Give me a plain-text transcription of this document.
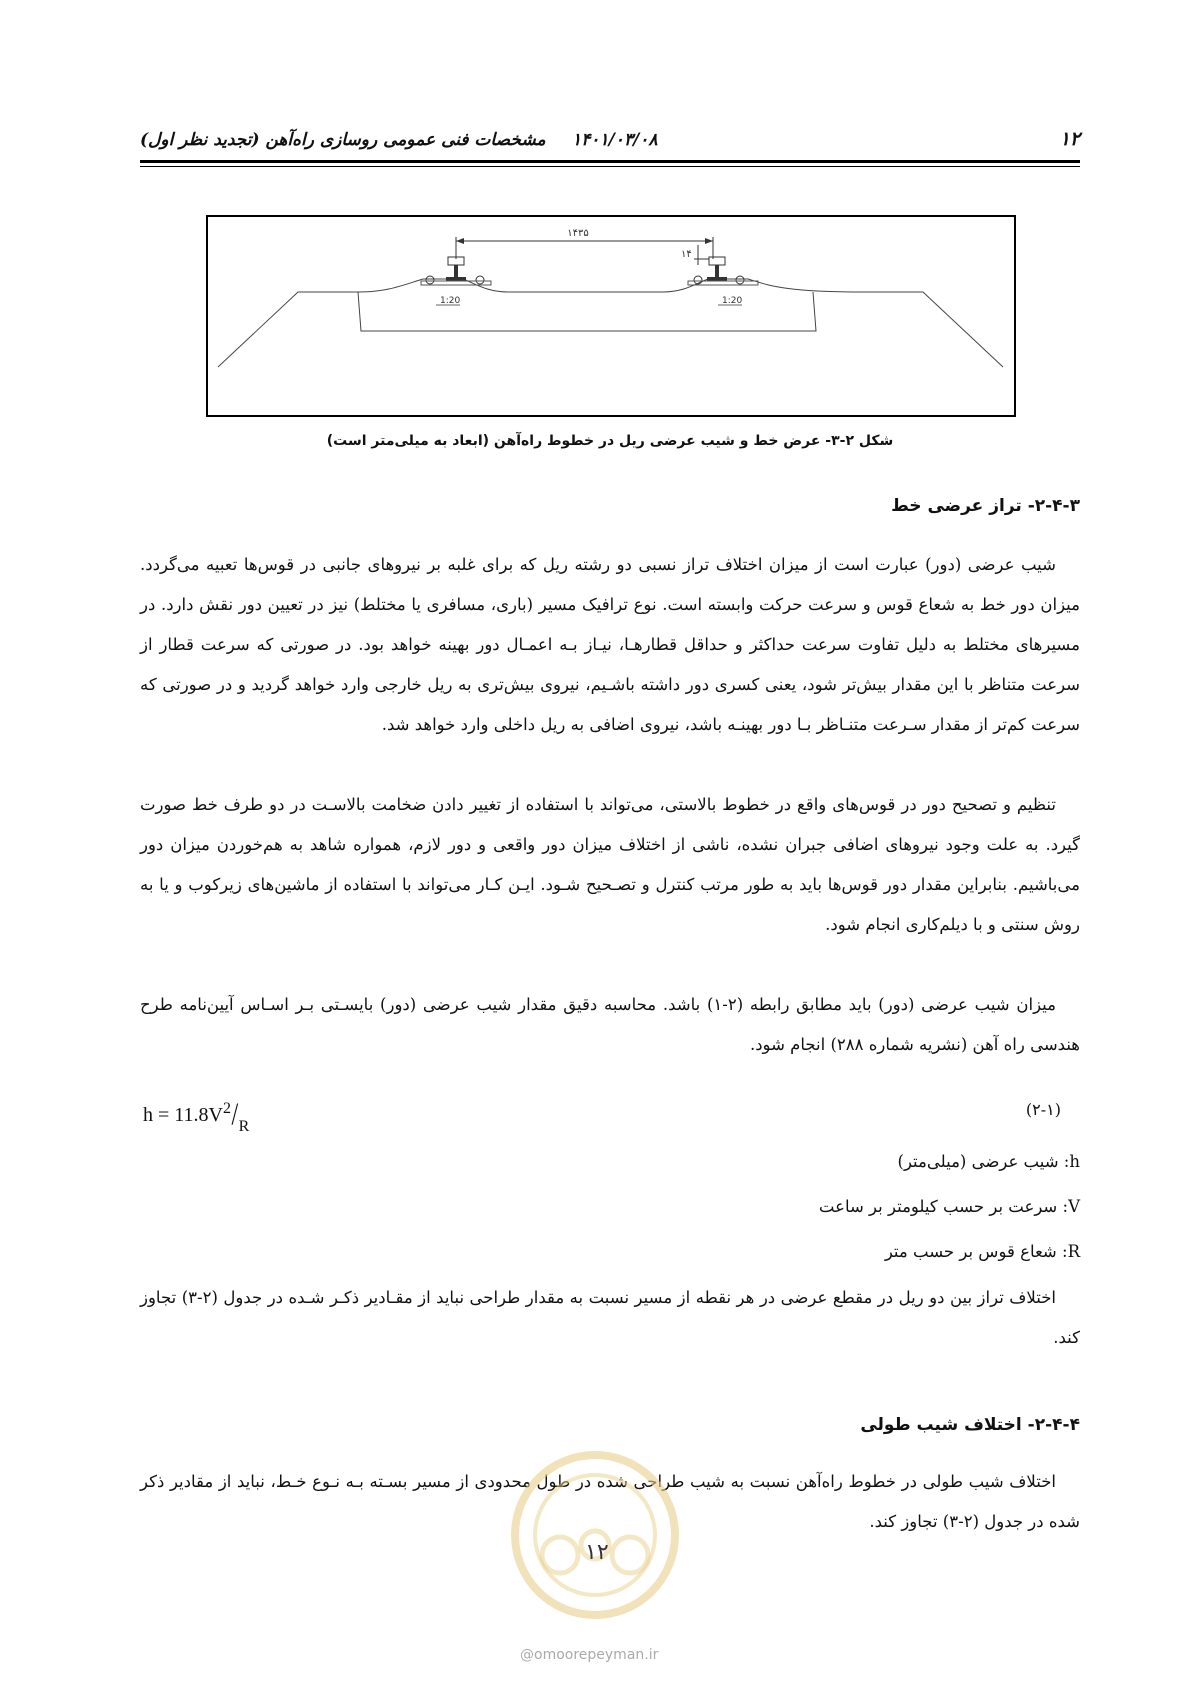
مشخصات فنی عمومی روسازی راه‌آهن (تجدید نظر اول) ۱۴۰۱/۰۳/۰۸	۱۲
۱۴۳۵
۱۴
1:20	1:20
شکل ۲-۳- عرض خط و شیب عرضی ریل در خطوط راه‌آهن (ابعاد به میلی‌متر است)
۲-۴-۳- تراز عرضی خط

شیب عرضی (دور) عبارت است از میزان اختلاف تراز نسبی دو رشته ریل که برای غلبه بر نیروهای جانبی در قوس‌ها تعبیه می‌گردد. میزان دور خط به شعاع قوس و سرعت حرکت وابسته است. نوع ترافیک مسیر (باری، مسافری یا مختلط) نیز در تعیین دور نقش دارد. در مسیرهای مختلط به دلیل تفاوت سرعت حداکثر و حداقل قطارهـا، نیـاز بـه اعمـال دور بهینه خواهد بود. در صورتی که سرعت قطار از سرعت متناظر با این مقدار بیش‌تر شود، یعنی کسری دور داشته باشـیم، نیروی بیش‌تری به ریل خارجی وارد خواهد گردید و در صورتی که سرعت کم‌تر از مقدار سـرعت متنـاظر بـا دور بهینـه باشد، نیروی اضافی به ریل داخلی وارد خواهد شد.

تنظیم و تصحیح دور در قوس‌های واقع در خطوط بالاستی، می‌تواند با استفاده از تغییر دادن ضخامت بالاسـت در دو طرف خط صورت گیرد. به علت وجود نیروهای اضافی جبران نشده، ناشی از اختلاف میزان دور واقعی و دور لازم، همواره شاهد به هم‌خوردن میزان دور می‌باشیم. بنابراین مقدار دور قوس‌ها باید به طور مرتب کنترل و تصـحیح شـود. ایـن کـار می‌تواند با استفاده از ماشین‌های زیرکوب و یا به روش سنتی و با دیلم‌کاری انجام شود.

میزان شیب عرضی (دور) باید مطابق رابطه (۲-۱) باشد. محاسبه دقیق مقدار شیب عرضی (دور) بایسـتی بـر اسـاس آیین‌نامه طرح هندسی راه آهن (نشریه شماره ۲۸۸) انجام شود.

$h = 11.8V^2/_R$
(۲-۱)
h: شیب عرضی (میلی‌متر)
V: سرعت بر حسب کیلومتر بر ساعت
R: شعاع قوس بر حسب متر

اختلاف تراز بین دو ریل در مقطع عرضی در هر نقطه از مسیر نسبت به مقدار طراحی نباید از مقـادیر ذکـر شـده در جدول (۲-۳) تجاوز کند.

۲-۴-۴- اختلاف شیب طولی

اختلاف شیب طولی در خطوط راه‌آهن نسبت به شیب طراحی شده در طول محدودی از مسیر بسـته بـه نـوع خـط، نباید از مقادیر ذکر شده در جدول (۲-۳) تجاوز کند.

۱۲
@omoorepeyman.ir
